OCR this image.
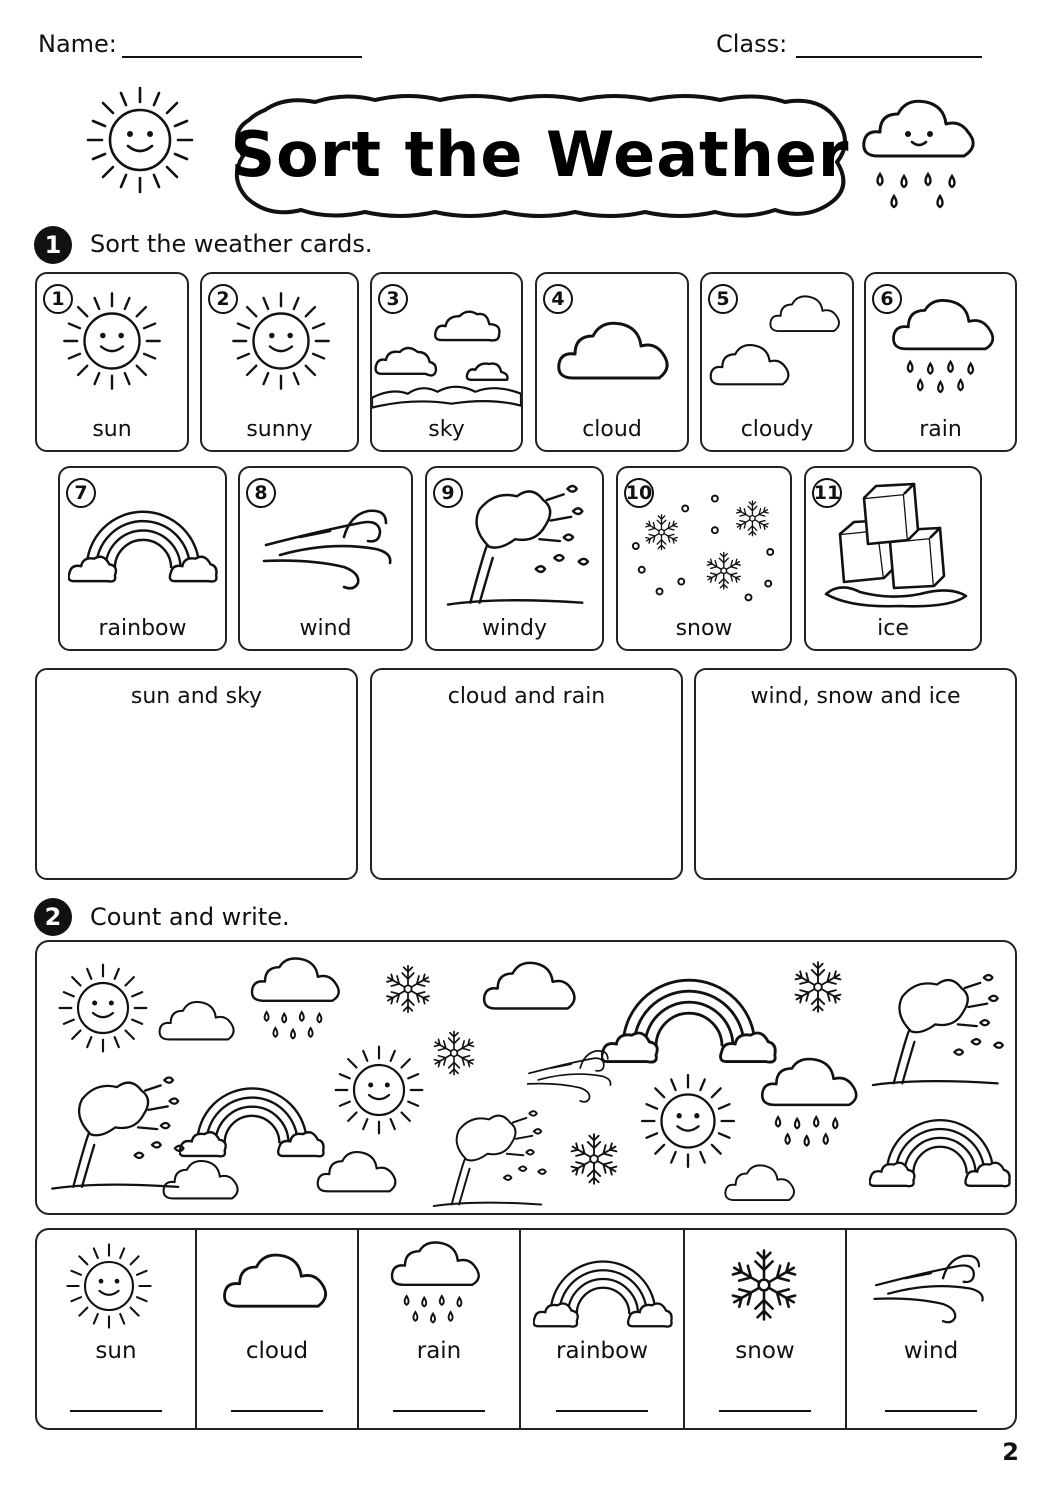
Name:	Class:
Sort the Weather
1	Sort the weather cards.
1
sun
2
sunny
3
sky
4
cloud
5
cloudy
6
rain
7
rainbow
8
wind
9
windy
10
snow
11
ice
sun and sky	cloud and rain	wind, snow and ice
2	Count and write.
sun	cloud	rain	rainbow	snow	wind
2
